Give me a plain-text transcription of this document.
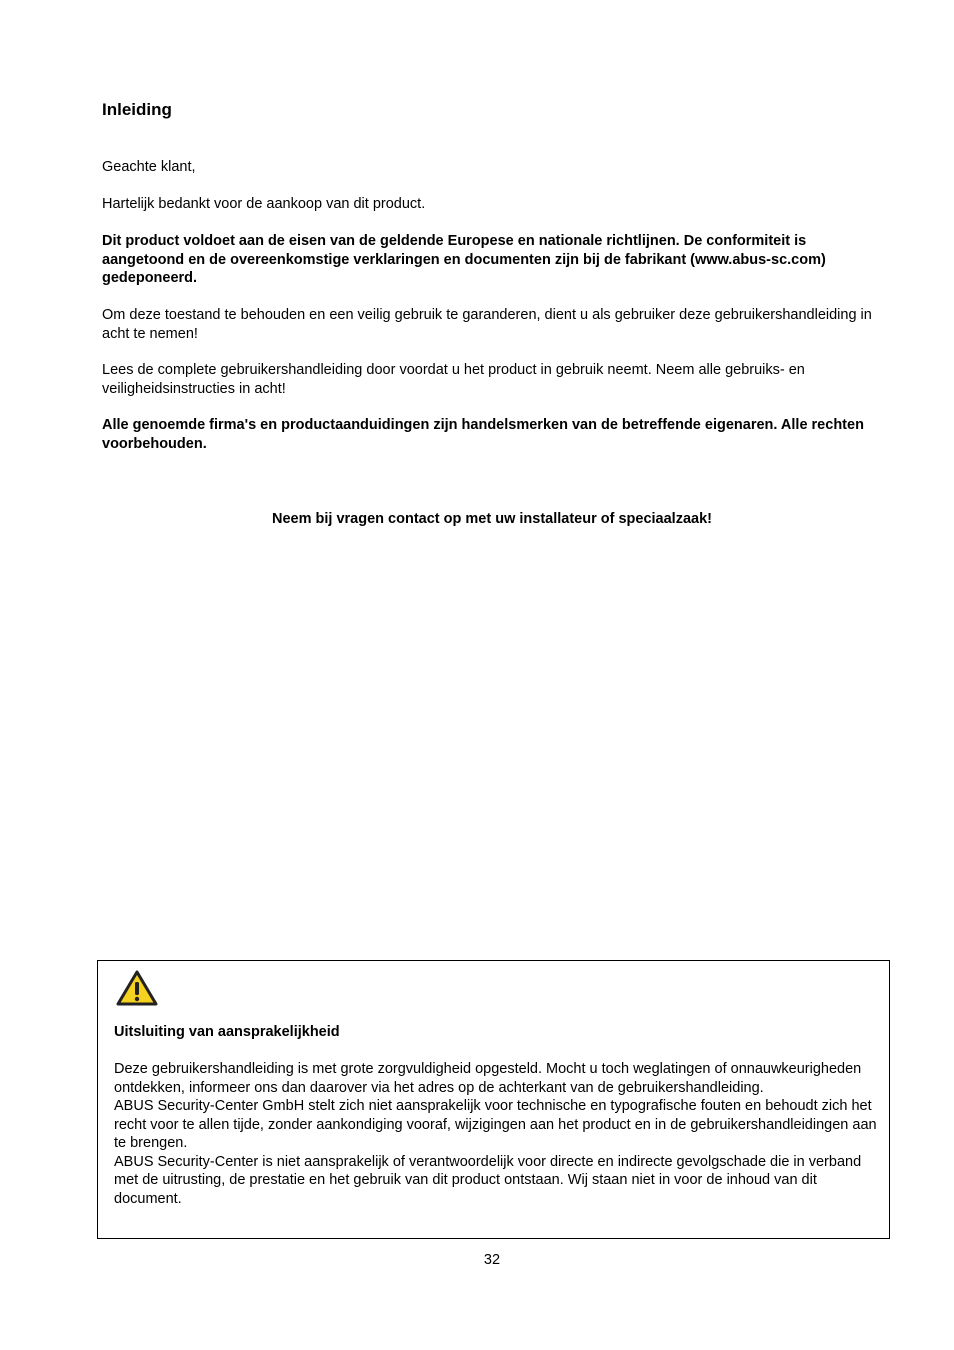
Inleiding

Geachte klant,

Hartelijk bedankt voor de aankoop van dit product.

Dit product voldoet aan de eisen van de geldende Europese en nationale richtlijnen. De conformiteit is aangetoond en de overeenkomstige verklaringen en documenten zijn bij de fabrikant (www.abus-sc.com) gedeponeerd.

Om deze toestand te behouden en een veilig gebruik te garanderen, dient u als gebruiker deze gebruikershandleiding in acht te nemen!

Lees de complete gebruikershandleiding door voordat u het product in gebruik neemt. Neem alle gebruiks- en veiligheidsinstructies in acht!

Alle genoemde firma's en productaanduidingen zijn handelsmerken van de betreffende eigenaren. Alle rechten voorbehouden.

Neem bij vragen contact op met uw installateur of speciaalzaak!

Uitsluiting van aansprakelijkheid

Deze gebruikershandleiding is met grote zorgvuldigheid opgesteld. Mocht u toch weglatingen of onnauwkeurigheden ontdekken, informeer ons dan daarover via het adres op de achterkant van de gebruikershandleiding.
ABUS Security-Center GmbH stelt zich niet aansprakelijk voor technische en typografische fouten en behoudt zich het recht voor te allen tijde, zonder aankondiging vooraf, wijzigingen aan het product en in de gebruikershandleidingen aan te brengen.
ABUS Security-Center is niet aansprakelijk of verantwoordelijk voor directe en indirecte gevolgschade die in verband met de uitrusting, de prestatie en het gebruik van dit product ontstaan. Wij staan niet in voor de inhoud van dit document.

32
